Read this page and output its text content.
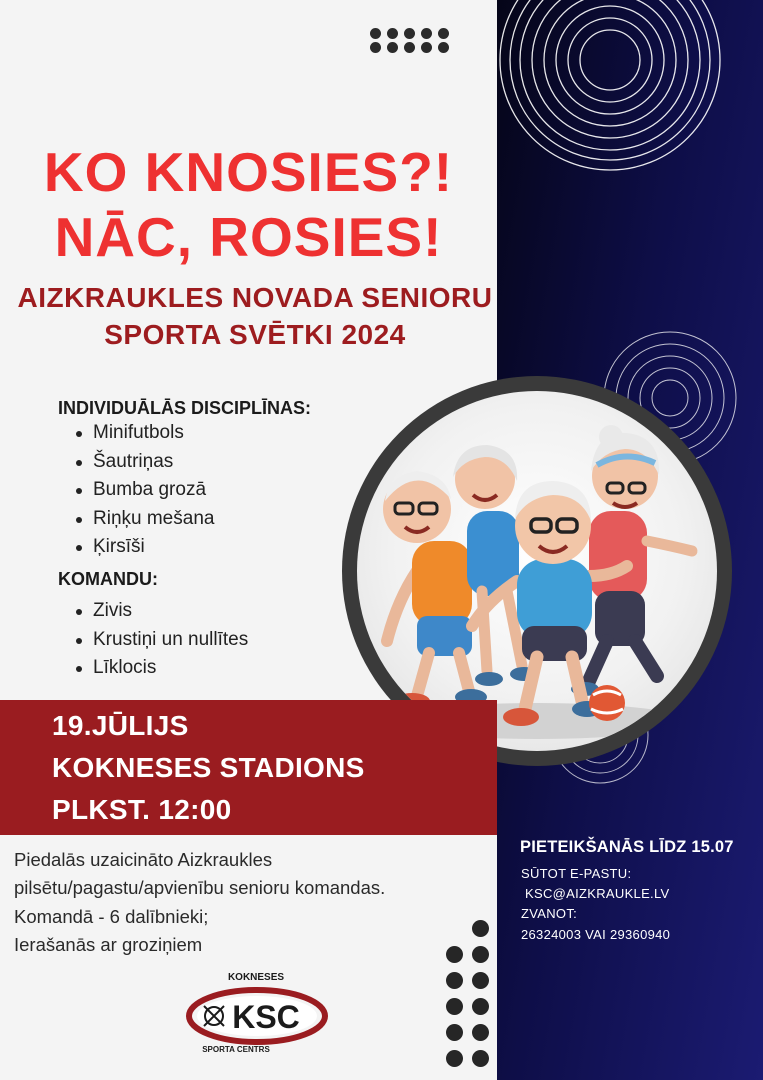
KO KNOSIES?!
NĀC, ROSIES!
AIZKRAUKLES NOVADA SENIORU
SPORTA SVĒTKI 2024
INDIVIDUĀLĀS DISCIPLĪNAS:
Minifutbols
Šautriņas
Bumba grozā
Riņķu mešana
Ķirsīši
KOMANDU:
Zivis
Krustiņi un nullītes
Līklocis
19.JŪLIJS
KOKNESES STADIONS
PLKST. 12:00

Piedalās uzaicināto Aizkraukles

pilsētu/pagastu/apvienību senioru komandas.

Komandā - 6 dalībnieki;

Ierašanās ar groziņiem

PIETEIKŠANĀS LĪDZ 15.07
SŪTOT E-PASTU:
KSC@AIZKRAUKLE.LV
ZVANOT:
26324003 VAI 29360940
KOKNESES
KSC
SPORTA CENTRS
